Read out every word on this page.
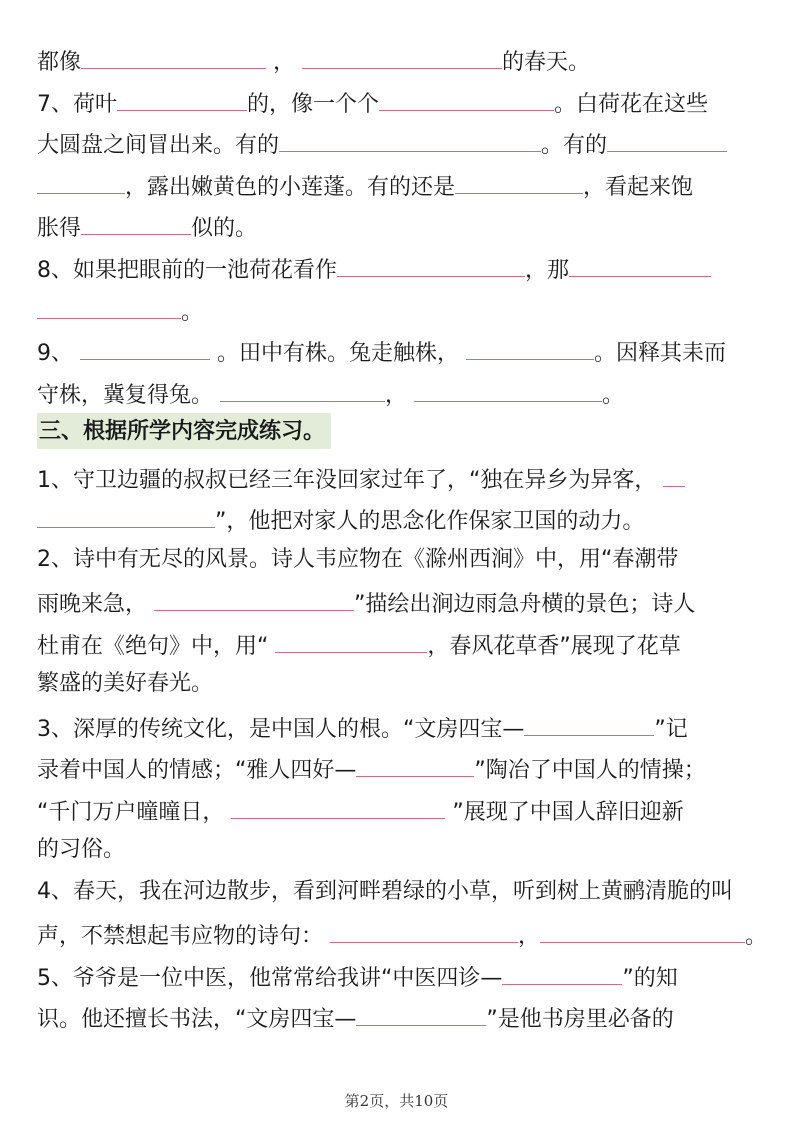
都像	，	的春天。
7、荷叶	的，像一个个	。白荷花在这些
大圆盘之间冒出来。有的	。有的
，露出嫩黄色的小莲蓬。有的还是	，看起来饱
胀得	似的。
8、如果把眼前的一池荷花看作	，那
。
9、	。田中有株。兔走触株，	。因释其耒而
守株，冀复得兔。	，	。
三、根据所学内容完成练习。
1、守卫边疆的叔叔已经三年没回家过年了，“独在异乡为异客，
”，他把对家人的思念化作保家卫国的动力。
2、诗中有无尽的风景。诗人韦应物在《滁州西涧》中，用“春潮带
雨晚来急，	”描绘出涧边雨急舟横的景色；诗人
杜甫在《绝句》中，用“	，春风花草香”展现了花草
繁盛的美好春光。
3、深厚的传统文化，是中国人的根。“文房四宝—	”记
录着中国人的情感；“雅人四好—	”陶冶了中国人的情操；
“千门万户曈曈日，	”展现了中国人辞旧迎新
的习俗。
4、春天，我在河边散步，看到河畔碧绿的小草，听到树上黄鹂清脆的叫
声，不禁想起韦应物的诗句：	，	。
5、爷爷是一位中医，他常常给我讲“中医四诊—	”的知
识。他还擅长书法，“文房四宝—	”是他书房里必备的
第2页，共10页
